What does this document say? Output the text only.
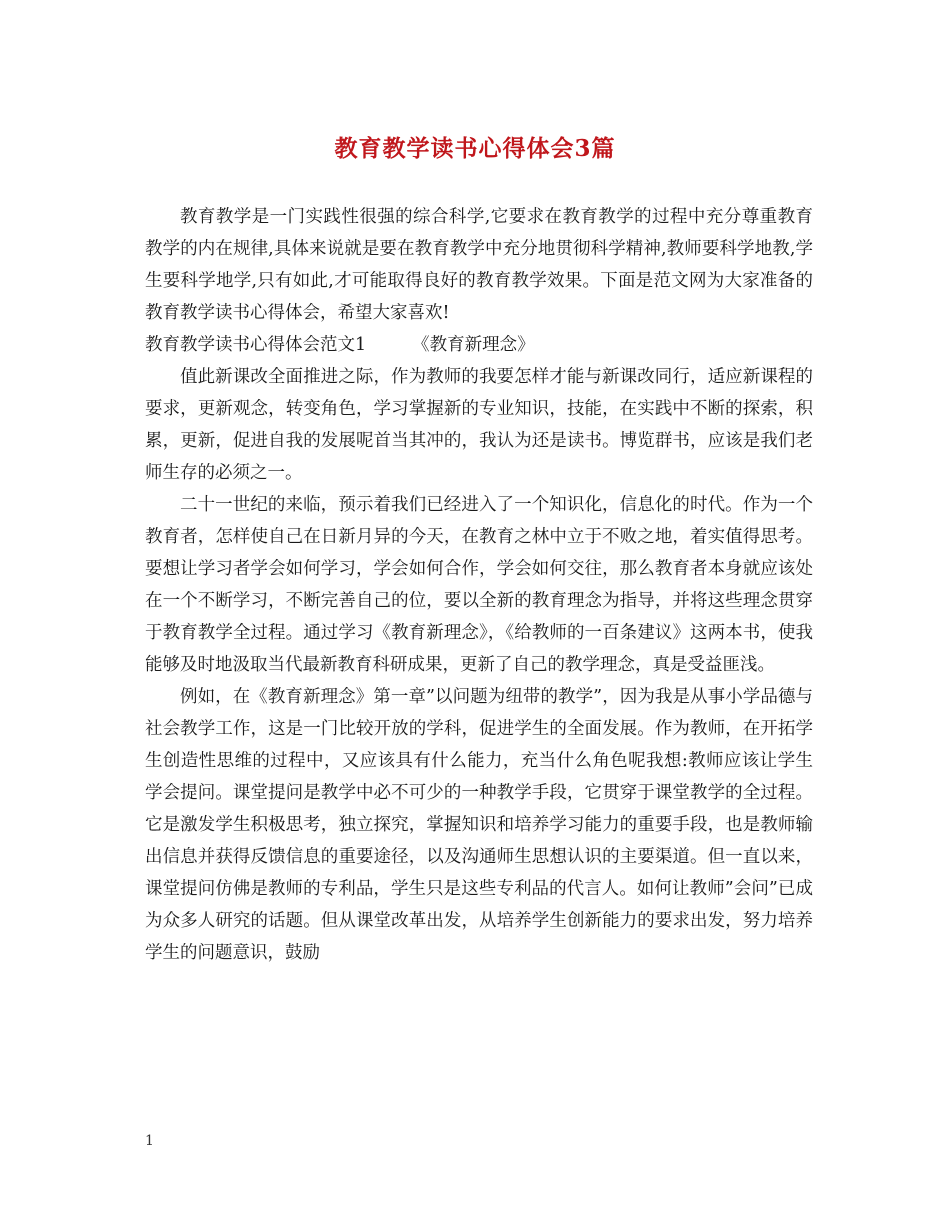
教育教学读书心得体会3篇

教育教学是一门实践性很强的综合科学,它要求在教育教学的过程中充分尊重教育教学的内在规律,具体来说就是要在教育教学中充分地贯彻科学精神,教师要科学地教,学生要科学地学,只有如此,才可能取得良好的教育教学效果。下面是范文网为大家准备的教育教学读书心得体会，希望大家喜欢!

教育教学读书心得体会范文1	《教育新理念》

值此新课改全面推进之际，作为教师的我要怎样才能与新课改同行，适应新课程的要求，更新观念，转变角色，学习掌握新的专业知识，技能，在实践中不断的探索，积累，更新，促进自我的发展呢首当其冲的，我认为还是读书。博览群书，应该是我们老师生存的必须之一。

二十一世纪的来临，预示着我们已经进入了一个知识化，信息化的时代。作为一个教育者，怎样使自己在日新月异的今天，在教育之林中立于不败之地，着实值得思考。要想让学习者学会如何学习，学会如何合作，学会如何交往，那么教育者本身就应该处在一个不断学习，不断完善自己的位，要以全新的教育理念为指导，并将这些理念贯穿于教育教学全过程。通过学习《教育新理念》，《给教师的一百条建议》这两本书，使我能够及时地汲取当代最新教育科研成果，更新了自己的教学理念，真是受益匪浅。

例如，在《教育新理念》第一章”以问题为纽带的教学”，因为我是从事小学品德与社会教学工作，这是一门比较开放的学科，促进学生的全面发展。作为教师，在开拓学生创造性思维的过程中，又应该具有什么能力，充当什么角色呢我想:教师应该让学生学会提问。课堂提问是教学中必不可少的一种教学手段，它贯穿于课堂教学的全过程。它是激发学生积极思考，独立探究，掌握知识和培养学习能力的重要手段，也是教师输出信息并获得反馈信息的重要途径，以及沟通师生思想认识的主要渠道。但一直以来，课堂提问仿佛是教师的专利品，学生只是这些专利品的代言人。如何让教师”会问”已成为众多人研究的话题。但从课堂改革出发，从培养学生创新能力的要求出发，努力培养学生的问题意识，鼓励

1
